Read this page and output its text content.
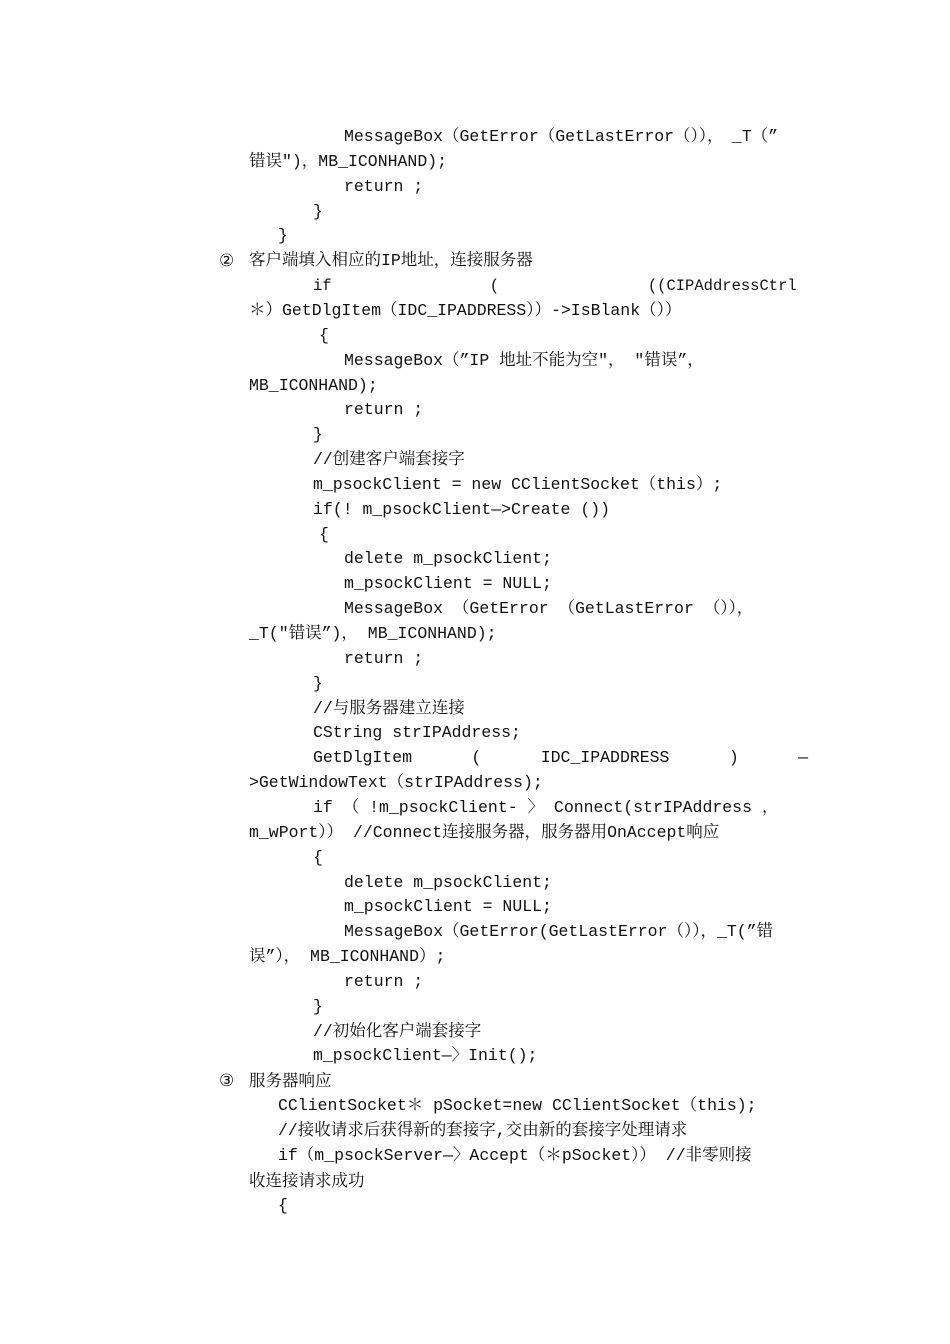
MessageBox（GetError（GetLastError（）），　_T（”
错误")，MB_ICONHAND);
return ;
}
}
② 客户端填入相应的IP地址，连接服务器
if                 (                ((CIPAddressCtrl
＊）GetDlgItem（IDC_IPADDRESS））->IsBlank（））
{
MessageBox（”IP 地址不能为空″， ″错误”，
MB_ICONHAND);
return ;
}
//创建客户端套接字
m_psockClient = new CClientSocket（this）;
if(! m_psockClient—>Create ())
{
delete m_psockClient;
m_psockClient = NULL;
MessageBox （GetError （GetLastError （）），
_T("错误”)， MB_ICONHAND);
return ;
}
//与服务器建立连接
CString strIPAddress;
GetDlgItem      (      IDC_IPADDRESS      )      —
>GetWindowText（strIPAddress);
if （ !m_psockClient- 〉 Connect(strIPAddress ，
m_wPort）） //Connect连接服务器，服务器用OnAccept响应
{
delete m_psockClient;
m_psockClient = NULL;
MessageBox（GetError(GetLastError（）），_T(”错
误”）， MB_ICONHAND）;
return ;
}
//初始化客户端套接字
m_psockClient—〉Init();
③ 服务器响应
CClientSocket＊ pSocket=new CClientSocket（this);
//接收请求后获得新的套接字,交由新的套接字处理请求
if（m_psockServer—〉Accept（＊pSocket）） //非零则接
收连接请求成功
{
